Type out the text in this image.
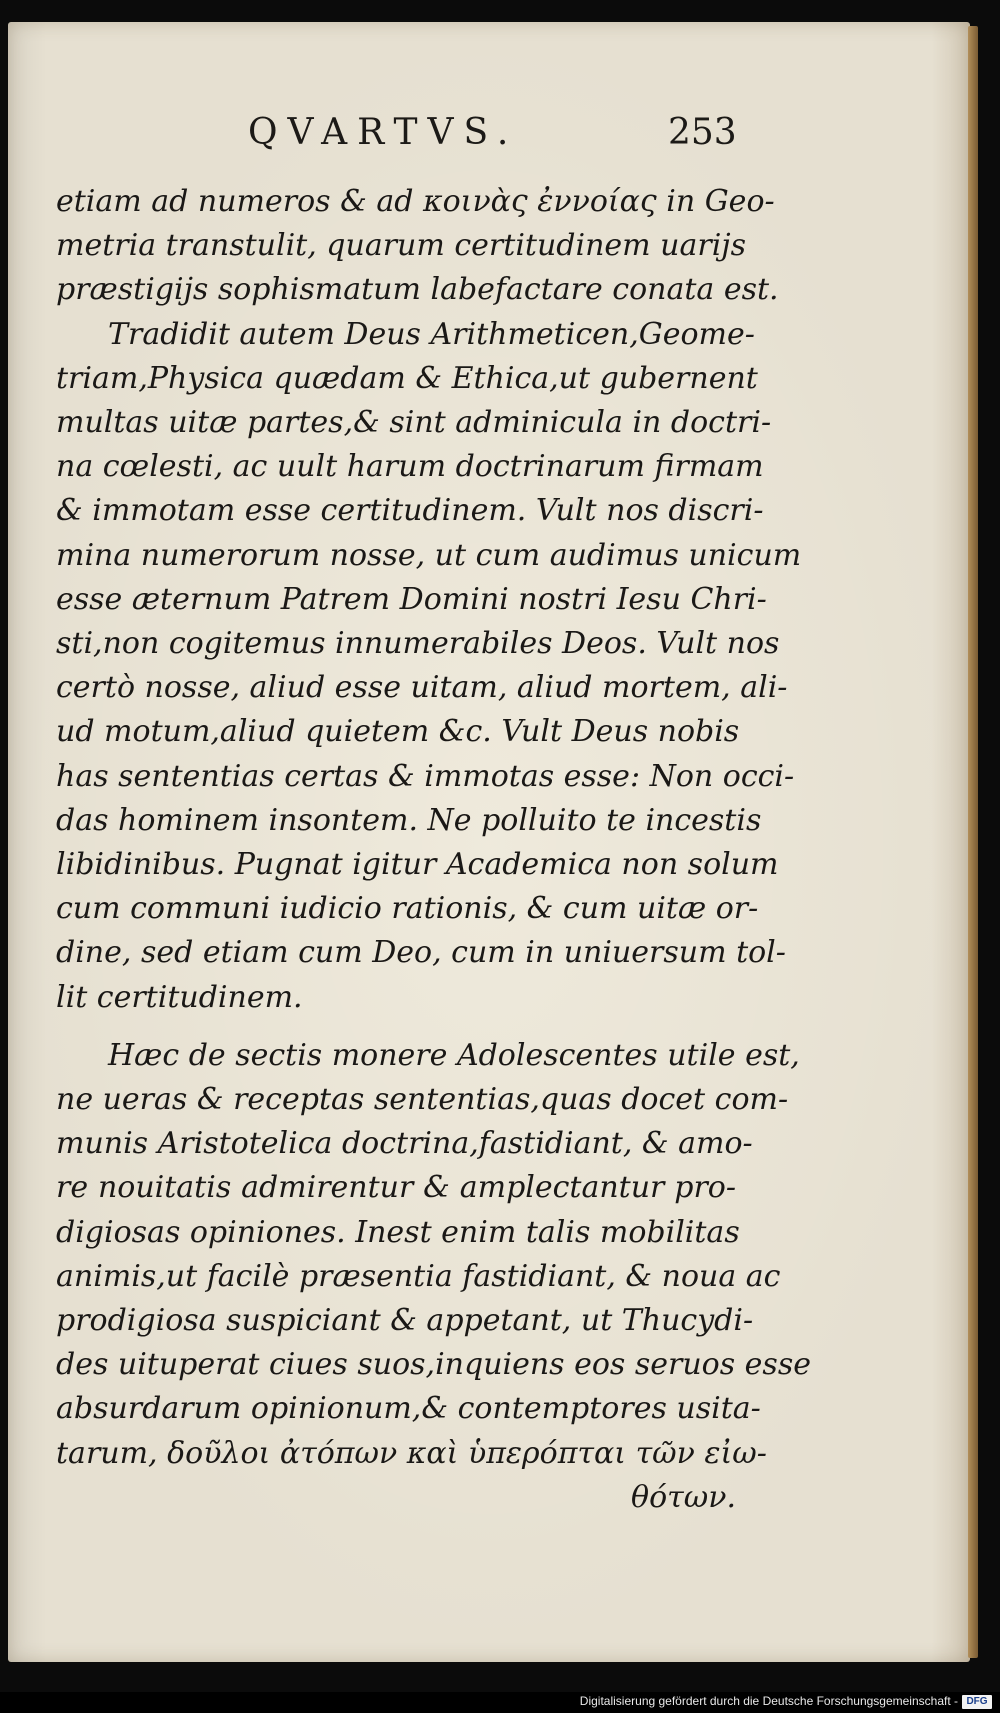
QVARTVS.	253
etiam ad numeros & ad κοινὰς ἐννοίας in Geo-
metria transtulit, quarum certitudinem uarijs
præstigijs sophismatum labefactare conata est.
Tradidit autem Deus Arithmeticen,Geome-
triam,Physica quædam & Ethica,ut gubernent
multas uitæ partes,& sint adminicula in doctri-
na cœlesti, ac uult harum doctrinarum firmam
& immotam esse certitudinem. Vult nos discri-
mina numerorum nosse, ut cum audimus unicum
esse æternum Patrem Domini nostri Iesu Chri-
sti,non cogitemus innumerabiles Deos. Vult nos
certò nosse, aliud esse uitam, aliud mortem, ali-
ud motum,aliud quietem &c. Vult Deus nobis
has sententias certas & immotas esse: Non occi-
das hominem insontem. Ne polluito te incestis
libidinibus. Pugnat igitur Academica non solum
cum communi iudicio rationis, & cum uitæ or-
dine, sed etiam cum Deo, cum in uniuersum tol-
lit certitudinem.
Hæc de sectis monere Adolescentes utile est,
ne ueras & receptas sententias,quas docet com-
munis Aristotelica doctrina,fastidiant, & amo-
re nouitatis admirentur & amplectantur pro-
digiosas opiniones. Inest enim talis mobilitas
animis,ut facilè præsentia fastidiant, & noua ac
prodigiosa suspiciant & appetant, ut Thucydi-
des uituperat ciues suos,inquiens eos seruos esse
absurdarum opinionum,& contemptores usita-
tarum, δοῦλοι ἀτόπων καὶ ὑπερόπται τῶν εἰω-
θότων.
Digitalisierung gefördert durch die Deutsche Forschungsgemeinschaft - DFG
